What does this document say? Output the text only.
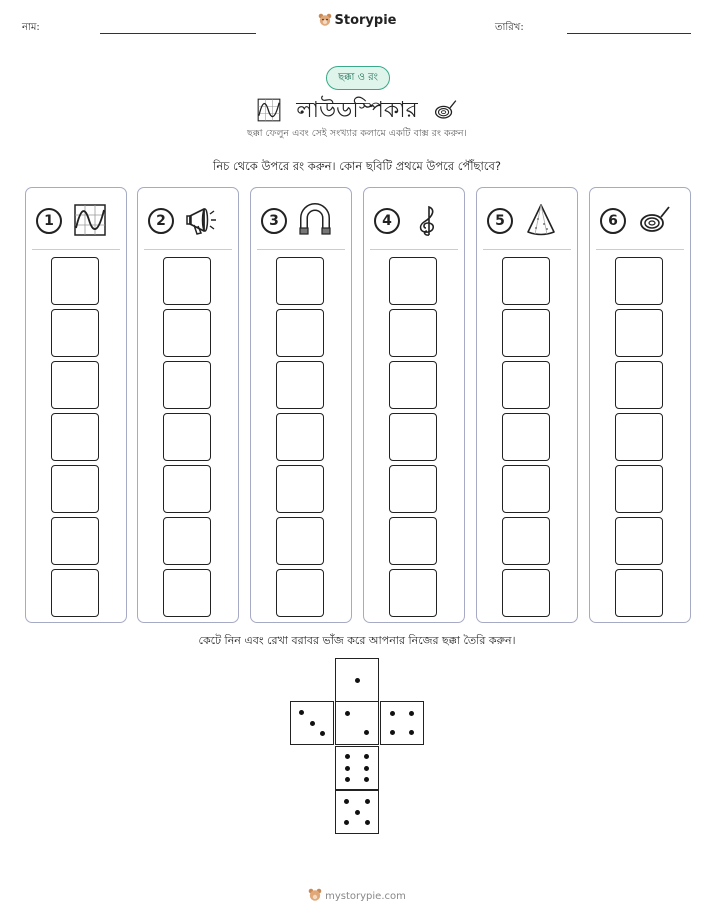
নাম:	Storypie	তারিখ:
ছক্কা ও রং
লাউডস্পিকার
ছক্কা ফেলুন এবং সেই সংখ্যার কলামে একটি বাক্স রং করুন।
নিচ থেকে উপরে রং করুন। কোন ছবিটি প্রথমে উপরে পৌঁছাবে?
1	2	3	4	5	6
কেটে নিন এবং রেখা বরাবর ভাঁজ করে আপনার নিজের ছক্কা তৈরি করুন।
mystorypie.com
